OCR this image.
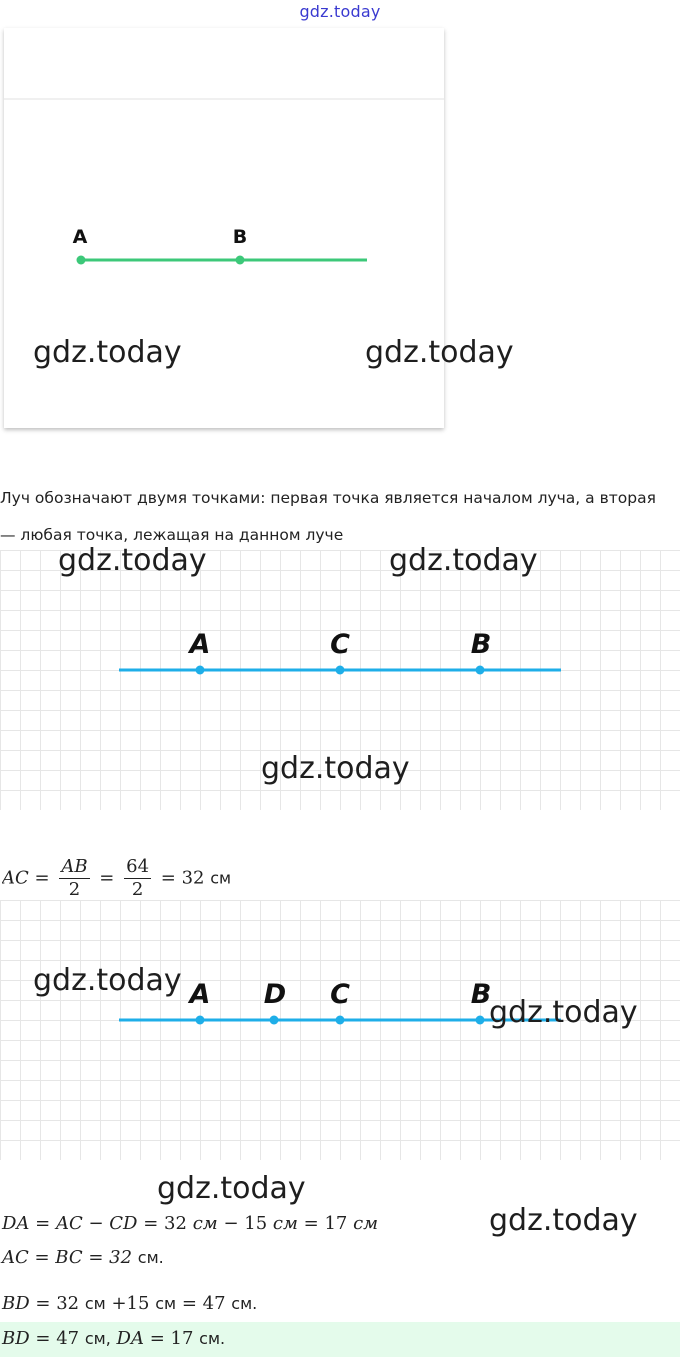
gdz.today
A	B
gdz.today	gdz.today
Луч обозначают двумя точками: первая точка является началом луча, а вторая
— любая точка, лежащая на данном луче
A	C	B
gdz.today	gdz.today
gdz.today
AC = $\frac{AB}{2} = \frac{64}{2} = 32$ см
A D C	B
gdz.today
gdz.today
gdz.today
gdz.today
DA = AC − CD = 32 см − 15 см = 17 см
AC = BC = 32 см.
BD = 32 см +15 см = 47 см.
BD = 47 см, DA = 17 см.
